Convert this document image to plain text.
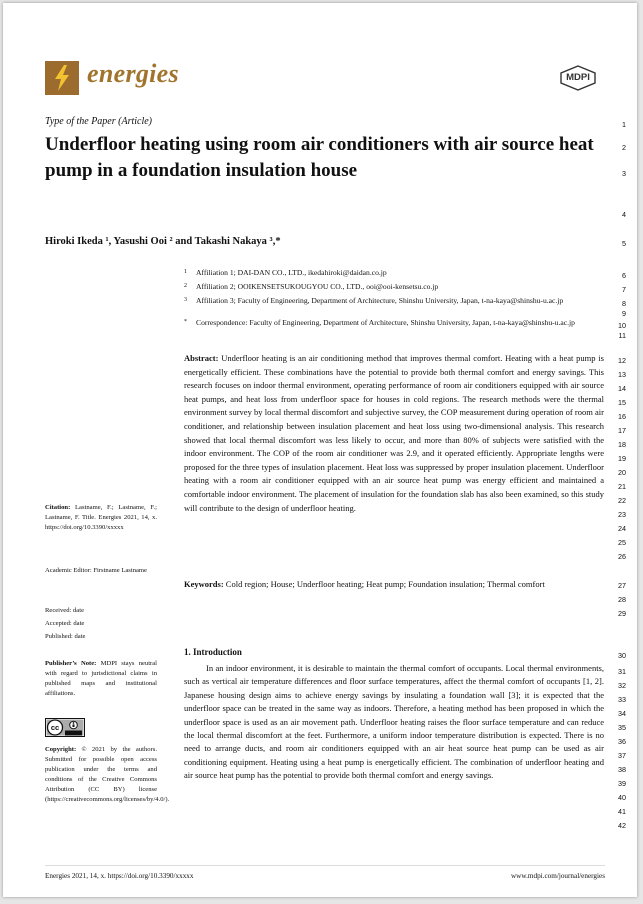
energies	MDPI
Type of the Paper (Article)
Underfloor heating using room air conditioners with air source heat pump in a foundation insulation house
Hiroki Ikeda ¹, Yasushi Ooi ² and Takashi Nakaya ³,*
1	Affiliation 1; DAI-DAN CO., LTD., ikedahiroki@daidan.co.jp
2	Affiliation 2; OOIKENSETSUKOUGYOU CO., LTD., ooi@ooi-kensetsu.co.jp
3	Affiliation 3; Faculty of Engineering, Department of Architecture, Shinshu University, Japan, t-na-kaya@shinshu-u.ac.jp
*	Correspondence: Faculty of Engineering, Department of Architecture, Shinshu University, Japan, t-na-kaya@shinshu-u.ac.jp

Abstract: Underfloor heating is an air conditioning method that improves thermal comfort. Heating with a heat pump is energetically efficient. These combinations have the potential to provide both thermal comfort and energy savings. This research focuses on indoor thermal environment, operating performance of room air conditioners equipped with air source heat pumps, and heat loss from underfloor space for houses in cold regions. The research methods were the thermal environment survey by local thermal discomfort and subjective survey, the COP measurement during operation of room air conditioner, and relationship between insulation placement and heat loss using two-dimensional analysis. This research showed that local thermal discomfort was less likely to occur, and more than 80% of subjects were satisfied with the indoor environment. The COP of the room air conditioner was 2.9, and it operated efficiently. Appropriate lengths were proposed for the three types of insulation placement. Heat loss was suppressed by proper insulation placement. Underfloor heating with a room air conditioner equipped with an air source heat pump was energy efficient and maintained a comfortable indoor environment. The placement of insulation for the foundation slab has also been examined, so this study will contribute to the design of underfloor heating.

Keywords: Cold region; House; Underfloor heating; Heat pump; Foundation insulation; Thermal comfort

1. Introduction

In an indoor environment, it is desirable to maintain the thermal comfort of occupants. Local thermal environments, such as vertical air temperature differences and floor surface temperatures, affect the thermal comfort of occupants [1, 2]. Japanese housing design aims to achieve energy savings by insulating a foundation wall [3]; it is expected that the underfloor space can be treated in the same way as indoors. Therefore, a heating method has been proposed in which the underfloor space is used as an air movement path. Underfloor heating raises the floor surface temperature and can reduce the local thermal discomfort at the feet. Furthermore, a uniform indoor temperature distribution is expected. There is no need to arrange ducts, and room air conditioners equipped with an air heat source heat pump can be used as air conditioning equipment. Heating using a heat pump is energetically efficient. The combination of underfloor heating and air source heat pump has the potential to provide both thermal comfort and energy savings.

Citation: Lastname, F.; Lastname, F.; Lastname, F. Title. Energies 2021, 14, x. https://doi.org/10.3390/xxxxx

Academic Editor: Firstname Lastname

Received: date

Accepted: date

Published: date

Publisher’s Note: MDPI stays neutral with regard to jurisdictional claims in published maps and institutional affiliations.

cc

Copyright: © 2021 by the authors. Submitted for possible open access publication under the terms and conditions of the Creative Commons Attribution (CC BY) license (https://creativecommons.org/licenses/by/4.0/).

1
2
3
4
5
6
7
8
9
10
11
12
13
14
15
16
17
18
19
20
21
22
23
24
25
26
27
28
29
30
31
32
33
34
35
36
37
38
39
40
41
42
Energies 2021, 14, x. https://doi.org/10.3390/xxxxx	www.mdpi.com/journal/energies
